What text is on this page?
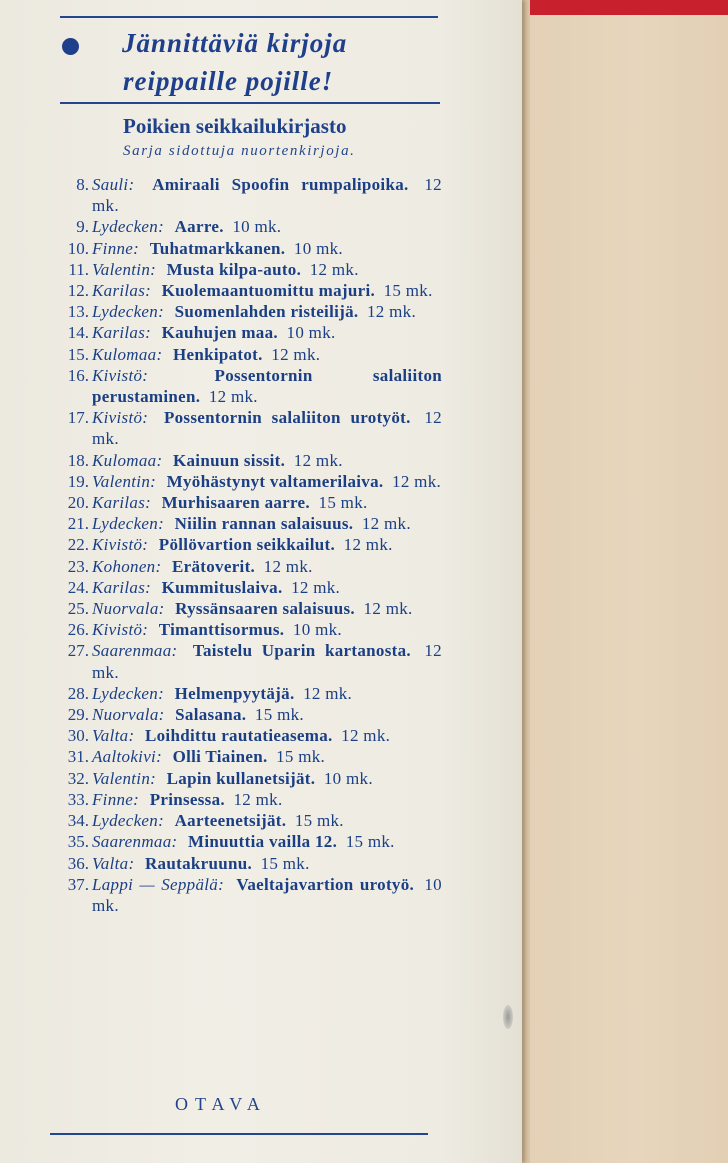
Jännittäviä kirjoja
reippaille pojille!
Poikien seikkailukirjasto
Sarja sidottuja nuortenkirjoja.
8. Sauli: Amiraali Spoofin rumpalipoika. 12 mk.
9. Lydecken: Aarre. 10 mk.
10. Finne: Tuhatmarkkanen. 10 mk.
11. Valentin: Musta kilpa-auto. 12 mk.
12. Karilas: Kuolemaantuomittu majuri. 15 mk.
13. Lydecken: Suomenlahden risteilijä. 12 mk.
14. Karilas: Kauhujen maa. 10 mk.
15. Kulomaa: Henkipatot. 12 mk.
16. Kivistö:	Possentornin salaliiton perustaminen. 12 mk.
17. Kivistö: Possentornin salaliiton urotyöt. 12 mk.
18. Kulomaa: Kainuun sissit. 12 mk.
19. Valentin: Myöhästynyt valtamerilaiva. 12 mk.
20. Karilas: Murhisaaren aarre. 15 mk.
21. Lydecken: Niilin rannan salaisuus. 12 mk.
22. Kivistö: Pöllövartion seikkailut. 12 mk.
23. Kohonen: Erätoverit. 12 mk.
24. Karilas: Kummituslaiva. 12 mk.
25. Nuorvala: Ryssänsaaren salaisuus. 12 mk.
26. Kivistö: Timanttisormus. 10 mk.
27. Saarenmaa: Taistelu Uparin kartanosta. 12 mk.
28. Lydecken: Helmenpyytäjä. 12 mk.
29. Nuorvala: Salasana. 15 mk.
30. Valta: Loihdittu rautatieasema. 12 mk.
31. Aaltokivi: Olli Tiainen. 15 mk.
32. Valentin: Lapin kullanetsijät. 10 mk.
33. Finne: Prinsessa. 12 mk.
34. Lydecken: Aarteenetsijät. 15 mk.
35. Saarenmaa: Minuuttia vailla 12. 15 mk.
36. Valta: Rautakruunu. 15 mk.
37. Lappi — Seppälä: Vaeltajavartion urotyö. 10 mk.
OTAVA
